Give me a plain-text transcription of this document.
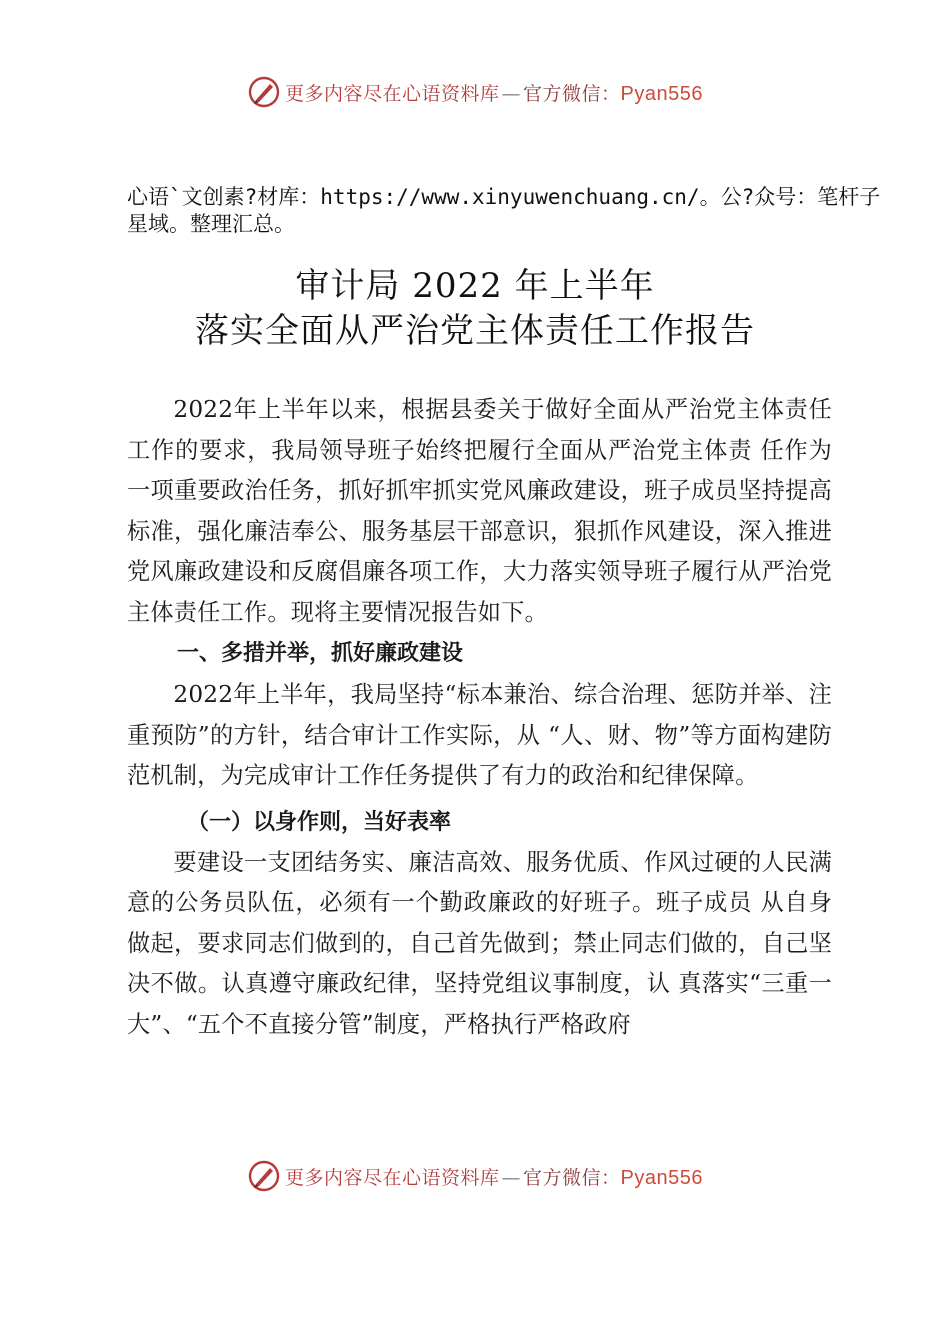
更多内容尽在心语资料库 — 官方微信：Pyan556
心语`文创素?材库：https://www.xinyuwenchuang.cn/。公?众号：笔杆子星域。整理汇总。
审计局 2022 年上半年
落实全面从严治党主体责任工作报告

2022年上半年以来，根据县委关于做好全面从严治党主体责任工作的要求，我局领导班子始终把履行全面从严治党主体责 任作为一项重要政治任务，抓好抓牢抓实党风廉政建设，班子成员坚持提高标准，强化廉洁奉公、服务基层干部意识，狠抓作风建设，深入推进党风廉政建设和反腐倡廉各项工作，大力落实领导班子履行从严治党主体责任工作。现将主要情况报告如下。

一、多措并举，抓好廉政建设

2022年上半年，我局坚持“标本兼治、综合治理、惩防并举、注重预防”的方针，结合审计工作实际，从 “人、财、物”等方面构建防范机制，为完成审计工作任务提供了有力的政治和纪律保障。

（一）以身作则，当好表率

要建设一支团结务实、廉洁高效、服务优质、作风过硬的人民满意的公务员队伍，必须有一个勤政廉政的好班子。班子成员 从自身做起，要求同志们做到的，自己首先做到；禁止同志们做的，自己坚决不做。认真遵守廉政纪律，坚持党组议事制度，认 真落实“三重一大”、“五个不直接分管”制度，严格执行严格政府

更多内容尽在心语资料库 — 官方微信：Pyan556
